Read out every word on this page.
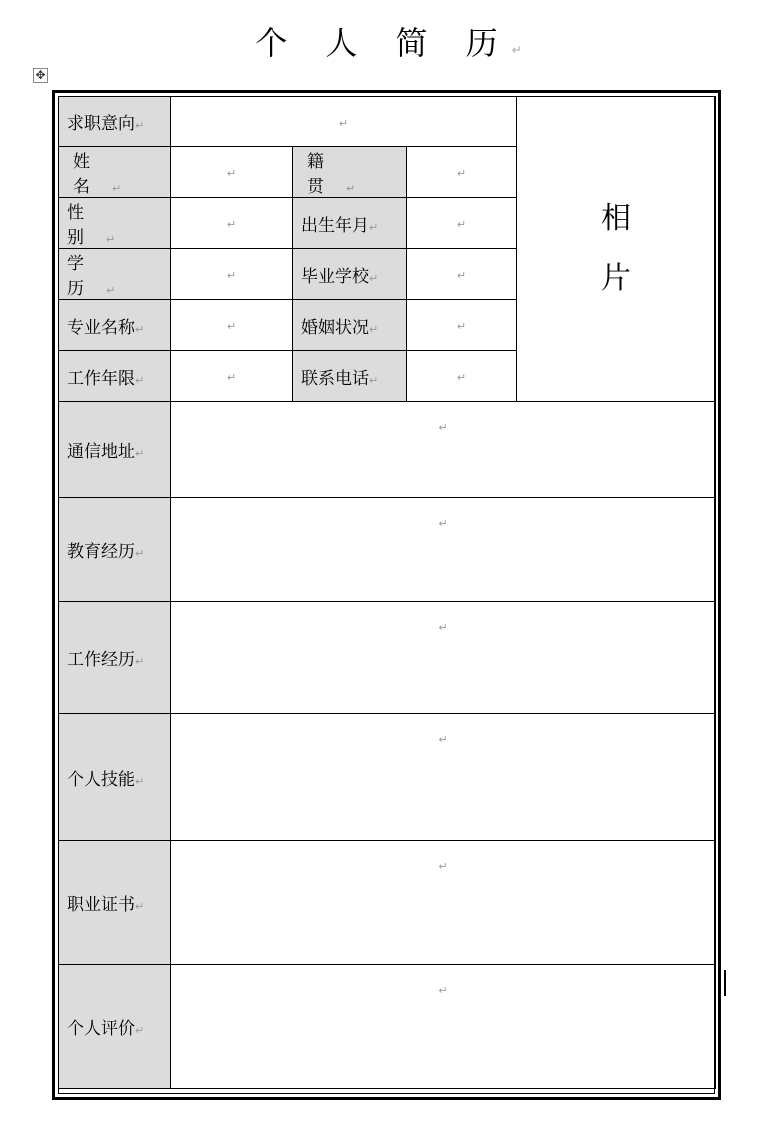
个 人 简 历↵
✥
求职意向↵	↵			相
片

姓 名↵	↵	籍 贯↵	↵	
性 别↵	↵	出生年月↵	↵	
学 历↵	↵	毕业学校↵	↵	
专业名称↵	↵	婚姻状况↵	↵	
工作年限↵	↵	联系电话↵	↵	
通信地址↵	↵			
教育经历↵	↵			
工作经历↵	↵			
个人技能↵	↵			
职业证书↵	↵			
个人评价↵	↵			
